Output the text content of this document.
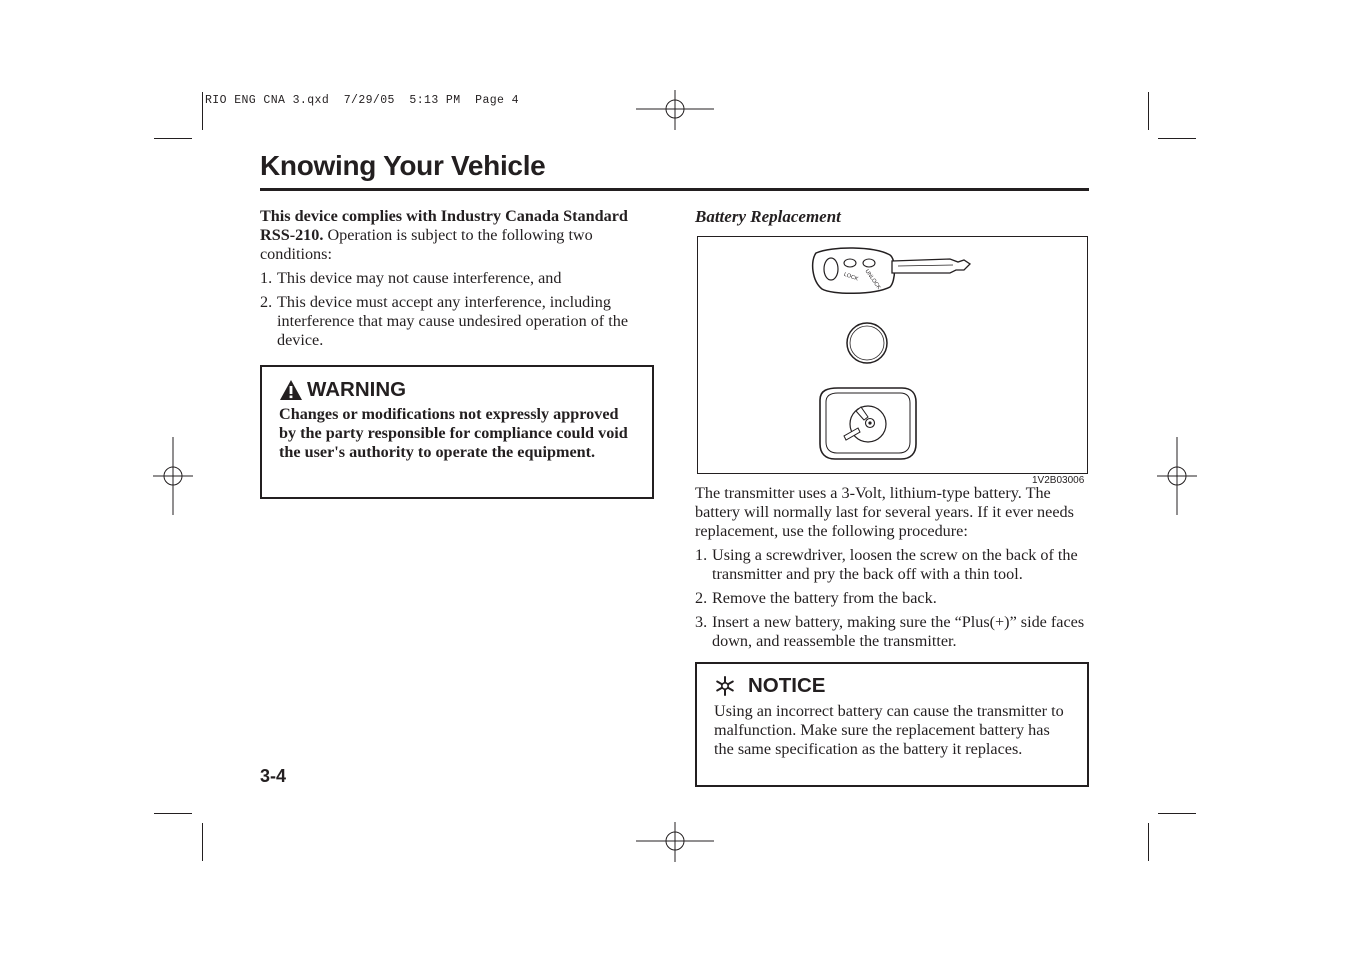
RIO ENG CNA 3.qxd  7/29/05  5:13 PM  Page 4
Knowing Your Vehicle
This device complies with Industry Canada Standard RSS-210. Operation is subject to the following two conditions:
1. This device may not cause interference, and
2. This device must accept any interference, including interference that may cause undesired operation of the device.
WARNING
Changes or modifications not expressly approved by the party responsible for compliance could void the user's authority to operate the equipment.
Battery Replacement
LOCK UNLOCK
1V2B03006
The transmitter uses a 3-Volt, lithium-type battery. The battery will normally last for several years. If it ever needs replacement, use the following procedure:
1. Using a screwdriver, loosen the screw on the back of the transmitter and pry the back off with a thin tool.
2. Remove the battery from the back.
3. Insert a new battery, making sure the “Plus(+)” side faces down, and reassemble the transmitter.
NOTICE
Using an incorrect battery can cause the transmitter to malfunction. Make sure the replacement battery has the same specification as the battery it replaces.
3-4
